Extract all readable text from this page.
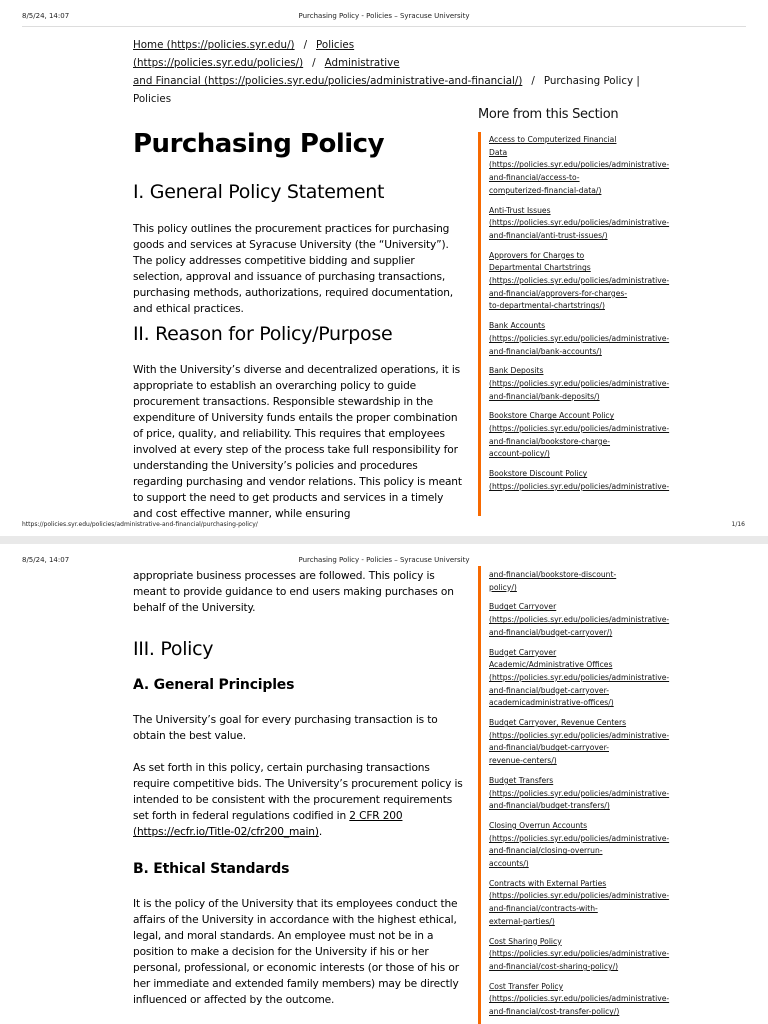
8/5/24, 14:07	Purchasing Policy - Policies – Syracuse University
Home (https://policies.syr.edu/) / Policies (https://policies.syr.edu/policies/) / Administrative
and Financial (https://policies.syr.edu/policies/administrative-and-financial/) / Purchasing Policy |
Policies
Purchasing Policy
I. General Policy Statement

This policy outlines the procurement practices for purchasing goods and services at Syracuse University (the “University”). The policy addresses competitive bidding and supplier selection, approval and issuance of purchasing transactions, purchasing methods, authorizations, required documentation, and ethical practices.

II. Reason for Policy/Purpose

With the University’s diverse and decentralized operations, it is appropriate to establish an overarching policy to guide procurement transactions. Responsible stewardship in the expenditure of University funds entails the proper combination of price, quality, and reliability. This requires that employees involved at every step of the process take full responsibility for understanding the University’s policies and procedures regarding purchasing and vendor relations. This policy is meant to support the need to get products and services in a timely and cost effective manner, while ensuring

More from this Section
Access to Computerized Financial
Data
(https://policies.syr.edu/policies/administrative-
and-financial/access-to-
computerized-financial-data/)
Anti-Trust Issues
(https://policies.syr.edu/policies/administrative-
and-financial/anti-trust-issues/)
Approvers for Charges to
Departmental Chartstrings
(https://policies.syr.edu/policies/administrative-
and-financial/approvers-for-charges-
to-departmental-chartstrings/)
Bank Accounts
(https://policies.syr.edu/policies/administrative-
and-financial/bank-accounts/)
Bank Deposits
(https://policies.syr.edu/policies/administrative-
and-financial/bank-deposits/)
Bookstore Charge Account Policy
(https://policies.syr.edu/policies/administrative-
and-financial/bookstore-charge-
account-policy/)
Bookstore Discount Policy
(https://policies.syr.edu/policies/administrative-
https://policies.syr.edu/policies/administrative-and-financial/purchasing-policy/	1/16
8/5/24, 14:07	Purchasing Policy - Policies – Syracuse University

appropriate business processes are followed. This policy is meant to provide guidance to end users making purchases on behalf of the University.

III. Policy
A. General Principles

The University’s goal for every purchasing transaction is to obtain the best value.

As set forth in this policy, certain purchasing transactions require competitive bids. The University’s procurement policy is intended to be consistent with the procurement requirements set forth in federal regulations codified in 2 CFR 200 (https://ecfr.io/Title-02/cfr200_main).

B. Ethical Standards

It is the policy of the University that its employees conduct the affairs of the University in accordance with the highest ethical, legal, and moral standards. An employee must not be in a position to make a decision for the University if his or her personal, professional, or economic interests (or those of his or her immediate and extended family members) may be directly influenced or affected by the outcome.

and-financial/bookstore-discount-
policy/)
Budget Carryover
(https://policies.syr.edu/policies/administrative-
and-financial/budget-carryover/)
Budget Carryover
Academic/Administrative Offices
(https://policies.syr.edu/policies/administrative-
and-financial/budget-carryover-
academicadministrative-offices/)
Budget Carryover, Revenue Centers
(https://policies.syr.edu/policies/administrative-
and-financial/budget-carryover-
revenue-centers/)
Budget Transfers
(https://policies.syr.edu/policies/administrative-
and-financial/budget-transfers/)
Closing Overrun Accounts
(https://policies.syr.edu/policies/administrative-
and-financial/closing-overrun-
accounts/)
Contracts with External Parties
(https://policies.syr.edu/policies/administrative-
and-financial/contracts-with-
external-parties/)
Cost Sharing Policy
(https://policies.syr.edu/policies/administrative-
and-financial/cost-sharing-policy/)
Cost Transfer Policy
(https://policies.syr.edu/policies/administrative-
and-financial/cost-transfer-policy/)
